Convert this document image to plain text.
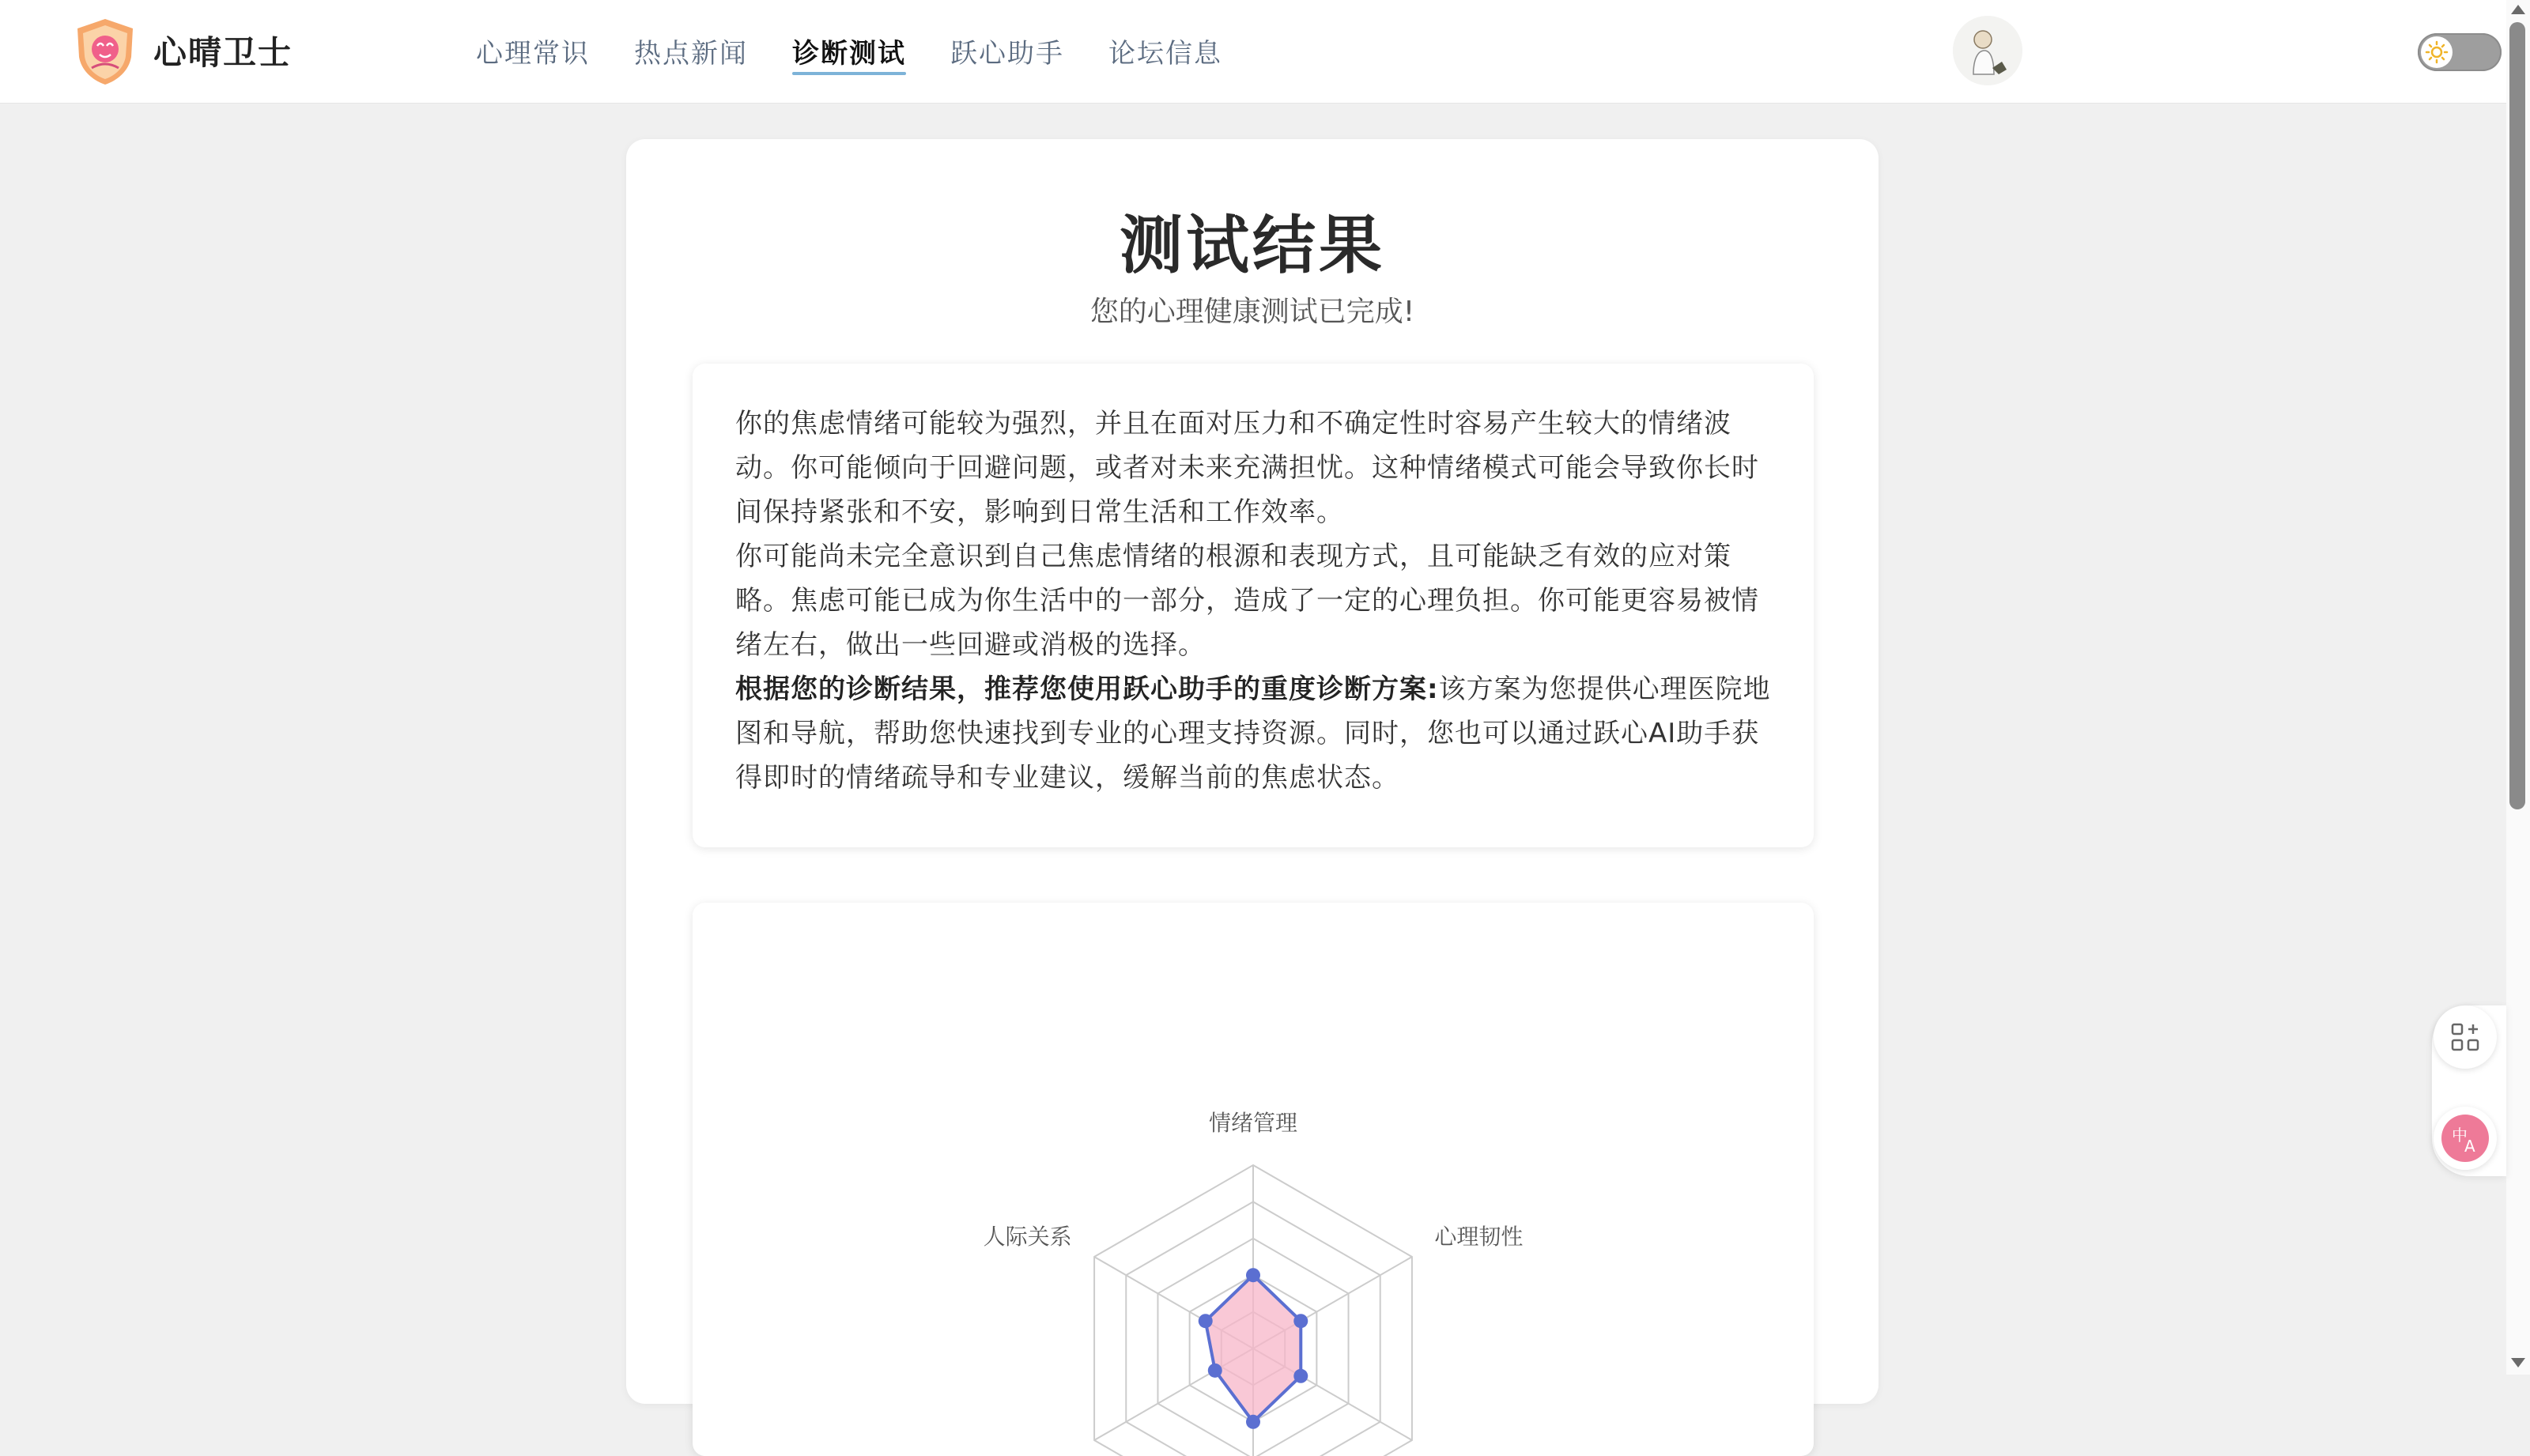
心晴卫士	心理常识 热点新闻 诊断测试 跃心助手 论坛信息
测试结果
您的心理健康测试已完成!

你的焦虑情绪可能较为强烈，并且在面对压力和不确定性时容易产生较大的情绪波动。你可能倾向于回避问题，或者对未来充满担忧。这种情绪模式可能会导致你长时间保持紧张和不安，影响到日常生活和工作效率。

你可能尚未完全意识到自己焦虑情绪的根源和表现方式，且可能缺乏有效的应对策略。焦虑可能已成为你生活中的一部分，造成了一定的心理负担。你可能更容易被情绪左右，做出一些回避或消极的选择。

根据您的诊断结果，推荐您使用跃心助手的重度诊断方案:该方案为您提供心理医院地图和导航，帮助您快速找到专业的心理支持资源。同时，您也可以通过跃心AI助手获得即时的情绪疏导和专业建议，缓解当前的焦虑状态。

情绪管理
心理韧性
人际关系
中
A
